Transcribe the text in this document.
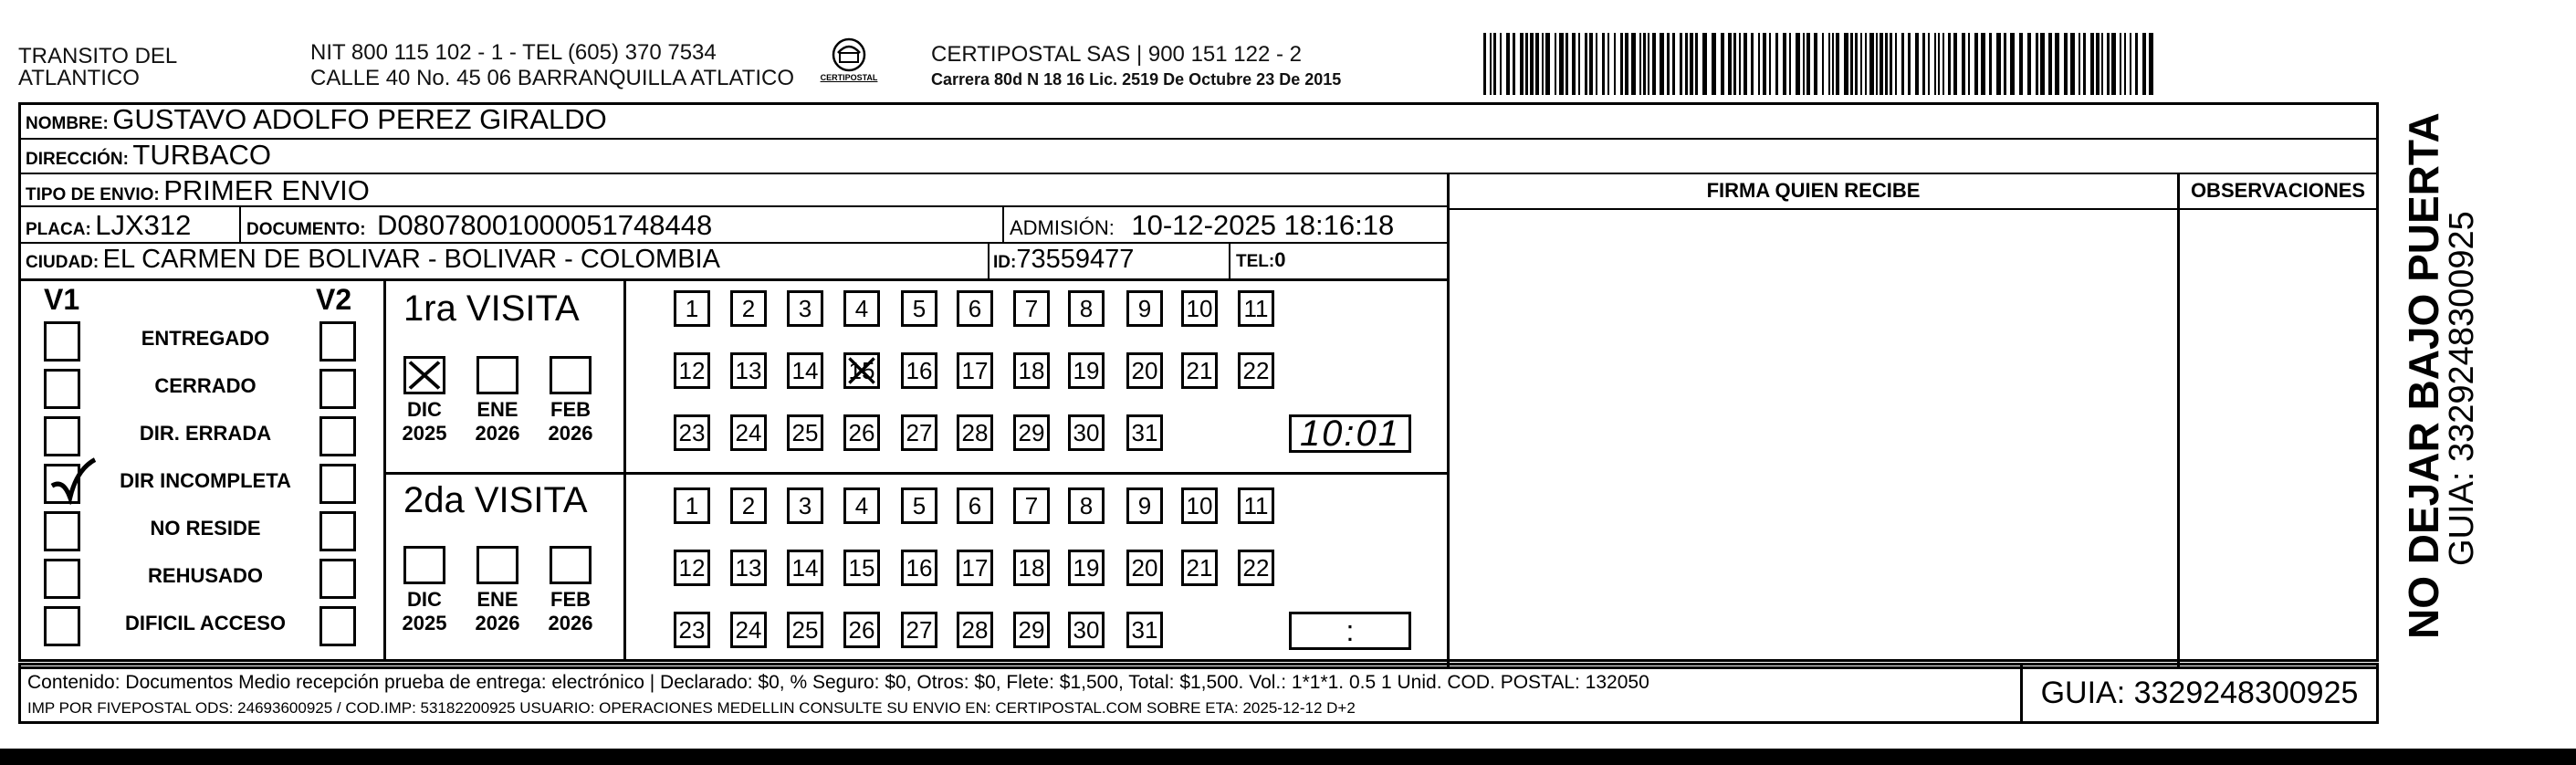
TRANSITO DEL
ATLANTICO
NIT 800 115 102 - 1 - TEL (605) 370 7534
CALLE 40 No. 45 06 BARRANQUILLA ATLATICO	CERTIPOSTAL
CERTIPOSTAL SAS | 900 151 122 - 2
Carrera 80d N 18 16 Lic. 2519 De Octubre 23 De 2015
NOMBRE: GUSTAVO ADOLFO PEREZ GIRALDO
DIRECCIÓN: TURBACO
TIPO DE ENVIO: PRIMER ENVIO
PLACA: LJX312	DOCUMENTO: D08078001000051748448	ADMISIÓN: 10-12-2025 18:16:18
CIUDAD: EL CARMEN DE BOLIVAR - BOLIVAR - COLOMBIA	ID:73559477	TEL:0
FIRMA QUIEN RECIBE	OBSERVACIONES
V1	V2
ENTREGADO
CERRADO
DIR. ERRADA
DIR INCOMPLETA
NO RESIDE
REHUSADO
DIFICIL ACCESO
1ra VISITA
DIC
2025
ENE
2026
FEB
2026
1 2 3 4 5 6 7 8 9 10 11
12 13 14 15 16 17 18 19 20 21 22
23 24 25 26 27 28 29 30 31	10:01
2da VISITA
DIC
2025
ENE
2026
FEB
2026
1 2 3 4 5 6 7 8 9 10 11
12 13 14 15 16 17 18 19 20 21 22
23 24 25 26 27 28 29 30 31	:
Contenido: Documentos Medio recepción prueba de entrega: electrónico | Declarado: $0, % Seguro: $0, Otros: $0, Flete: $1,500, Total: $1,500. Vol.: 1*1*1. 0.5 1 Unid. COD. POSTAL: 132050
IMP POR FIVEPOSTAL ODS: 24693600925 / COD.IMP: 53182200925 USUARIO: OPERACIONES MEDELLIN CONSULTE SU ENVIO EN: CERTIPOSTAL.COM SOBRE ETA: 2025-12-12 D+2	GUIA: 3329248300925
NO DEJAR BAJO PUERTA
GUIA: 3329248300925
